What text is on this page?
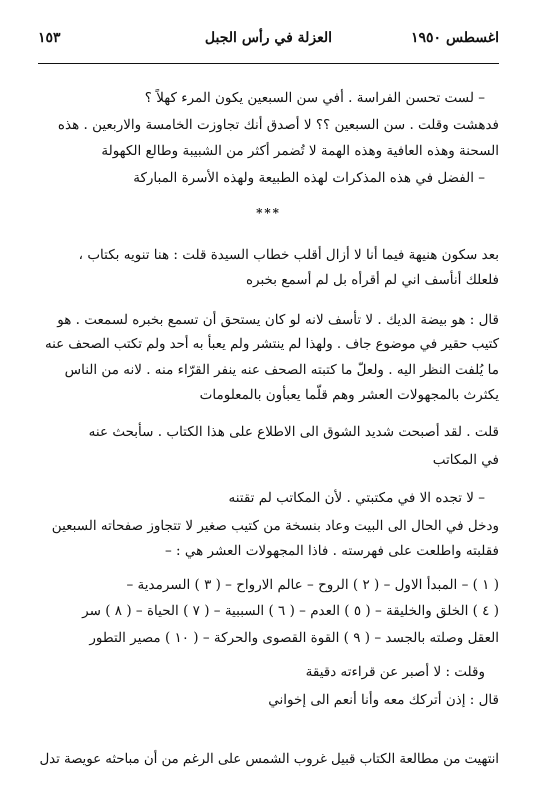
اغسطس ١٩٥٠
العزلة في رأس الجبل
١٥٣
– لست تحسن الفراسة . أفي سن السبعين يكون المرء كهلاً ؟
فدهشت وقلت . سن السبعين ؟؟ لا أصدق أنك تجاوزت الخامسة والاربعين . هذه
السحنة وهذه العافية وهذه الهمة لا تُضمر أكثر من الشبيبة وطالع الكهولة
– الفضل في هذه المذكرات لهذه الطبيعة ولهذه الأسرة المباركة
***
بعد سكون هنيهة فيما أنا لا أزال أقلب خطاب السيدة قلت : هنا تنويه بكتاب ،
فلعلك أنأسف اني لم أقرأه بل لم أسمع بخبره
قال : هو بيضة الديك . لا تأسف لانه لو كان يستحق أن تسمع بخبره لسمعت . هو
كتيب حقير في موضوع جاف . ولهذا لم ينتشر ولم يعبأ به أحد ولم تكتب الصحف عنه
ما يُلفت النظر اليه . ولعلّ ما كتبته الصحف عنه ينفر القرّاء منه . لانه من الناس
يكثرث بالمجهولات العشر وهم قلّما يعبأون بالمعلومات
قلت . لقد أصبحت شديد الشوق الى الاطلاع على هذا الكتاب . سأبحث عنه
في المكاتب
– لا تجده الا في مكتبتي . لأن المكاتب لم تقتنه
ودخل في الحال الى البيت وعاد بنسخة من كتيب صغير لا تتجاوز صفحاته السبعين
فقلبته واطلعت على فهرسته . فاذا المجهولات العشر هي : –
( ١ ) – المبدأ الاول – ( ٢ ) الروح – عالم الارواح – ( ٣ ) السرمدية –
( ٤ ) الخلق والخليقة – ( ٥ ) العدم – ( ٦ ) السببية – ( ٧ ) الحياة – ( ٨ ) سر
العقل وصلته بالجسد – ( ٩ ) القوة القصوى والحركة – ( ١٠ ) مصير التطور
وقلت : لا أصبر عن قراءته دقيقة
قال : إذن أتركك معه وأنا أنعم الى إخواني
انتهيت من مطالعة الكتاب قبيل غروب الشمس على الرغم من أن مباحثه عويصة تدل
